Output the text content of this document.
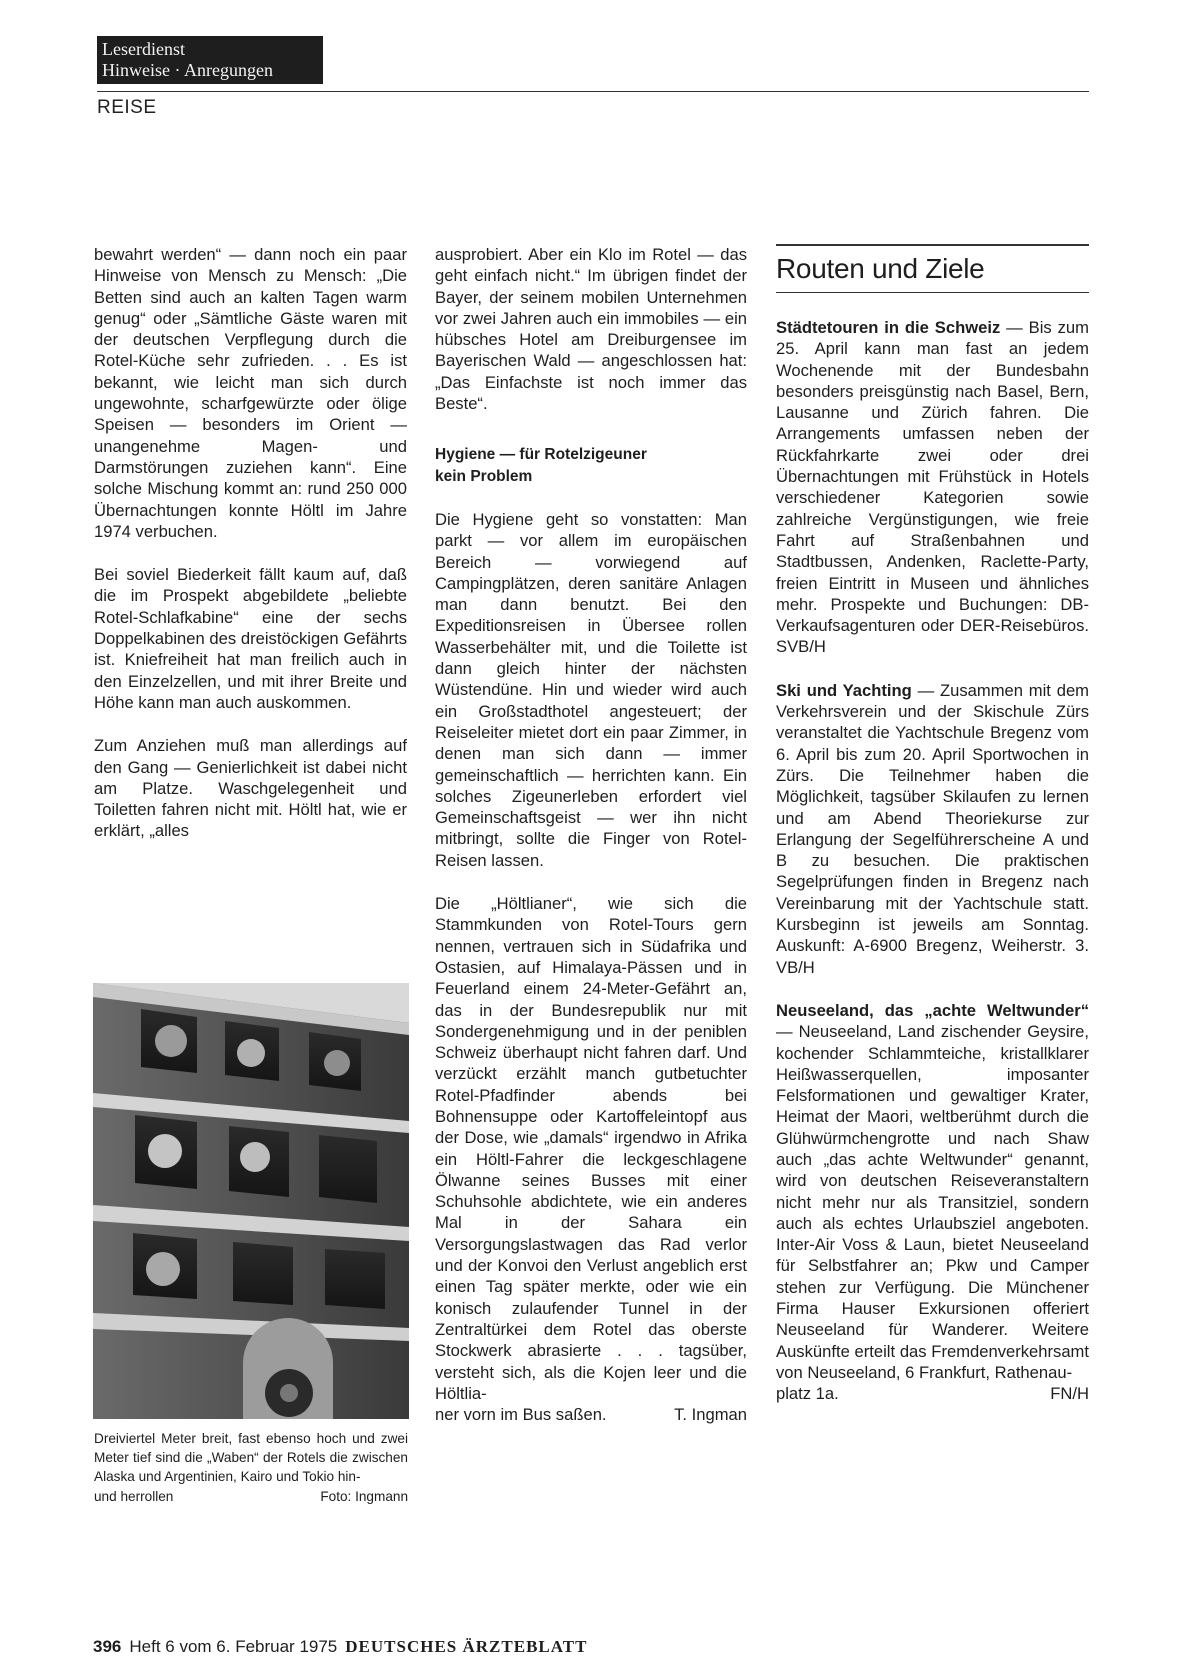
Leserdienst
Hinweise · Anregungen
REISE

bewahrt werden“ — dann noch ein paar Hinweise von Mensch zu Mensch: „Die Betten sind auch an kalten Tagen warm genug“ oder „Sämtliche Gäste waren mit der deutschen Verpflegung durch die Rotel-Küche sehr zufrieden. . . Es ist bekannt, wie leicht man sich durch ungewohnte, scharfgewürzte oder ölige Speisen — besonders im Orient — unangenehme Magen- und Darmstörungen zuziehen kann“. Eine solche Mischung kommt an: rund 250 000 Übernachtungen konnte Höltl im Jahre 1974 verbuchen.

Bei soviel Biederkeit fällt kaum auf, daß die im Prospekt abgebildete „beliebte Rotel-Schlafkabine“ eine der sechs Doppelkabinen des dreistöckigen Gefährts ist. Kniefreiheit hat man freilich auch in den Einzelzellen, und mit ihrer Breite und Höhe kann man auch auskommen.

Zum Anziehen muß man allerdings auf den Gang — Genierlichkeit ist dabei nicht am Platze. Waschgelegenheit und Toiletten fahren nicht mit. Höltl hat, wie er erklärt, „alles

Dreiviertel Meter breit, fast ebenso hoch und zwei Meter tief sind die „Waben“ der Rotels die zwischen Alaska und Argentinien, Kairo und Tokio hin-

und herrollen	Foto: Ingmann

ausprobiert. Aber ein Klo im Rotel — das geht einfach nicht.“ Im übrigen findet der Bayer, der seinem mobilen Unternehmen vor zwei Jahren auch ein immobiles — ein hübsches Hotel am Dreiburgensee im Bayerischen Wald — angeschlossen hat: „Das Einfachste ist noch immer das Beste“.

Hygiene — für Rotelzigeuner
kein Problem

Die Hygiene geht so vonstatten: Man parkt — vor allem im europäischen Bereich — vorwiegend auf Campingplätzen, deren sanitäre Anlagen man dann benutzt. Bei den Expeditionsreisen in Übersee rollen Wasserbehälter mit, und die Toilette ist dann gleich hinter der nächsten Wüstendüne. Hin und wieder wird auch ein Großstadthotel angesteuert; der Reiseleiter mietet dort ein paar Zimmer, in denen man sich dann — immer gemeinschaftlich — herrichten kann. Ein solches Zigeunerleben erfordert viel Gemeinschaftsgeist — wer ihn nicht mitbringt, sollte die Finger von Rotel-Reisen lassen.

Die „Höltlianer“, wie sich die Stammkunden von Rotel-Tours gern nennen, vertrauen sich in Südafrika und Ostasien, auf Himalaya-Pässen und in Feuerland einem 24-Meter-Gefährt an, das in der Bundesrepublik nur mit Sondergenehmigung und in der peniblen Schweiz überhaupt nicht fahren darf. Und verzückt erzählt manch gutbetuchter Rotel-Pfadfinder abends bei Bohnensuppe oder Kartoffeleintopf aus der Dose, wie „damals“ irgendwo in Afrika ein Höltl-Fahrer die leckgeschlagene Ölwanne seines Busses mit einer Schuhsohle abdichtete, wie ein anderes Mal in der Sahara ein Versorgungslastwagen das Rad verlor und der Konvoi den Verlust angeblich erst einen Tag später merkte, oder wie ein konisch zulaufender Tunnel in der Zentraltürkei dem Rotel das oberste Stockwerk abrasierte . . . tagsüber, versteht sich, als die Kojen leer und die Höltlia-

ner vorn im Bus saßen.	T. Ingman
Routen und Ziele

Städtetouren in die Schweiz — Bis zum 25. April kann man fast an jedem Wochenende mit der Bundesbahn besonders preisgünstig nach Basel, Bern, Lausanne und Zürich fahren. Die Arrangements umfassen neben der Rückfahrkarte zwei oder drei Übernachtungen mit Frühstück in Hotels verschiedener Kategorien sowie zahlreiche Vergünstigungen, wie freie Fahrt auf Straßenbahnen und Stadtbussen, Andenken, Raclette-Party, freien Eintritt in Museen und ähnliches mehr. Prospekte und Buchungen: DB-Verkaufsagenturen oder DER-Reisebüros. SVB/H

Ski und Yachting — Zusammen mit dem Verkehrsverein und der Skischule Zürs veranstaltet die Yachtschule Bregenz vom 6. April bis zum 20. April Sportwochen in Zürs. Die Teilnehmer haben die Möglichkeit, tagsüber Skilaufen zu lernen und am Abend Theoriekurse zur Erlangung der Segelführerscheine A und B zu besuchen. Die praktischen Segelprüfungen finden in Bregenz nach Vereinbarung mit der Yachtschule statt. Kursbeginn ist jeweils am Sonntag. Auskunft: A-6900 Bregenz, Weiherstr. 3. VB/H

Neuseeland, das „achte Weltwunder“ — Neuseeland, Land zischender Geysire, kochender Schlammteiche, kristallklarer Heißwasserquellen, imposanter Felsformationen und gewaltiger Krater, Heimat der Maori, weltberühmt durch die Glühwürmchengrotte und nach Shaw auch „das achte Weltwunder“ genannt, wird von deutschen Reiseveranstaltern nicht mehr nur als Transitziel, sondern auch als echtes Urlaubsziel angeboten. Inter-Air Voss & Laun, bietet Neuseeland für Selbstfahrer an; Pkw und Camper stehen zur Verfügung. Die Münchener Firma Hauser Exkursionen offeriert Neuseeland für Wanderer. Weitere Auskünfte erteilt das Fremdenverkehrsamt von Neuseeland, 6 Frankfurt, Rathenau-

platz 1a.	FN/H
396 Heft 6 vom 6. Februar 1975 DEUTSCHES ÄRZTEBLATT
